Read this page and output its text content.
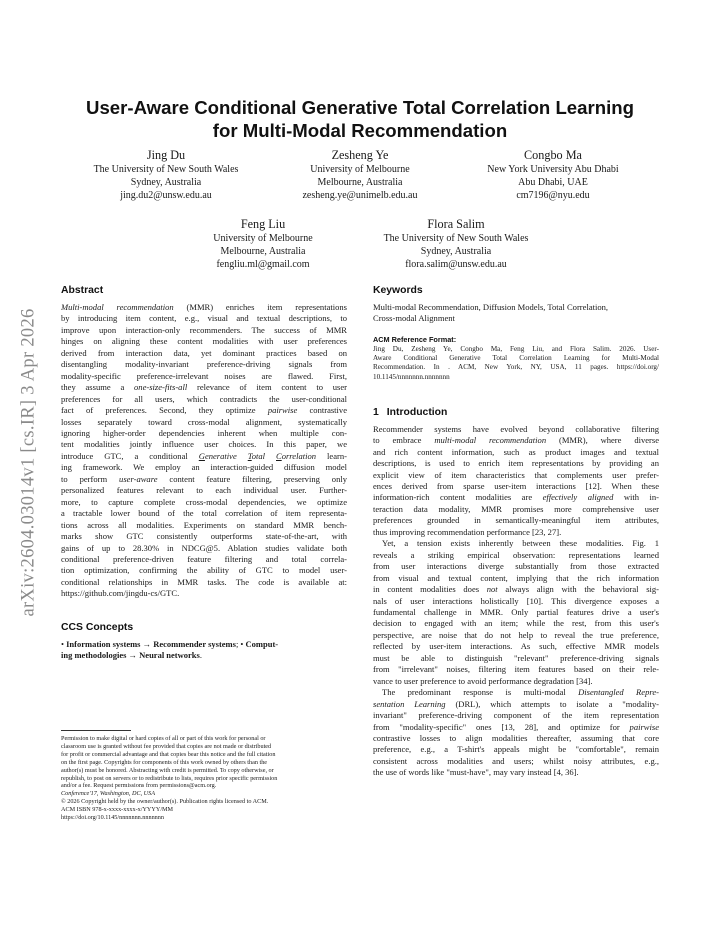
arXiv:2604.03014v1 [cs.IR] 3 Apr 2026
User-Aware Conditional Generative Total Correlation Learning
for Multi-Modal Recommendation
Jing Du
The University of New South Wales
Sydney, Australia
jing.du2@unsw.edu.au
Zesheng Ye
University of Melbourne
Melbourne, Australia
zesheng.ye@unimelb.edu.au
Congbo Ma
New York University Abu Dhabi
Abu Dhabi, UAE
cm7196@nyu.edu
Feng Liu
University of Melbourne
Melbourne, Australia
fengliu.ml@gmail.com
Flora Salim
The University of New South Wales
Sydney, Australia
flora.salim@unsw.edu.au
Abstract
Multi-modal recommendation (MMR) enriches item representations
by introducing item content, e.g., visual and textual descriptions, to
improve upon interaction-only recommenders. The success of MMR
hinges on aligning these content modalities with user preferences
derived from interaction data, yet dominant practices based on
disentangling modality-invariant preference-driving signals from
modality-specific preference-irrelevant noises are flawed. First,
they assume a one-size-fits-all relevance of item content to user
preferences for all users, which contradicts the user-conditional
fact of preferences. Second, they optimize pairwise contrastive
losses separately toward cross-modal alignment, systematically
ignoring higher-order dependencies inherent when multiple con-
tent modalities jointly influence user choices. In this paper, we
introduce GTC, a conditional Generative Total Correlation learn-
ing framework. We employ an interaction-guided diffusion model
to perform user-aware content feature filtering, preserving only
personalized features relevant to each individual user. Further-
more, to capture complete cross-modal dependencies, we optimize
a tractable lower bound of the total correlation of item representa-
tions across all modalities. Experiments on standard MMR bench-
marks show GTC consistently outperforms state-of-the-art, with
gains of up to 28.30% in NDCG@5. Ablation studies validate both
conditional preference-driven feature filtering and total correla-
tion optimization, confirming the ability of GTC to model user-
conditional relationships in MMR tasks. The code is available at:
https://github.com/jingdu-cs/GTC.
CCS Concepts
• Information systems → Recommender systems; • Comput-
ing methodologies → Neural networks.
Permission to make digital or hard copies of all or part of this work for personal or
classroom use is granted without fee provided that copies are not made or distributed
for profit or commercial advantage and that copies bear this notice and the full citation
on the first page. Copyrights for components of this work owned by others than the
author(s) must be honored. Abstracting with credit is permitted. To copy otherwise, or
republish, to post on servers or to redistribute to lists, requires prior specific permission
and/or a fee. Request permissions from permissions@acm.org.
Conference'17, Washington, DC, USA
© 2026 Copyright held by the owner/author(s). Publication rights licensed to ACM.
ACM ISBN 978-x-xxxx-xxxx-x/YYYY/MM
https://doi.org/10.1145/nnnnnnn.nnnnnnn
Keywords
Multi-modal Recommendation, Diffusion Models, Total Correlation,
Cross-modal Alignment
ACM Reference Format:
Jing Du, Zesheng Ye, Congbo Ma, Feng Liu, and Flora Salim. 2026. User-
Aware Conditional Generative Total Correlation Learning for Multi-Modal
Recommendation. In . ACM, New York, NY, USA, 11 pages. https://doi.org/
10.1145/nnnnnnn.nnnnnnn
1 Introduction
Recommender systems have evolved beyond collaborative filtering
to embrace multi-modal recommendation (MMR), where diverse
and rich content information, such as product images and textual
descriptions, is used to enrich item representations by providing an
explicit view of item characteristics that complements user prefer-
ences derived from sparse user-item interactions [12]. When these
information-rich content modalities are effectively aligned with in-
teraction data modality, MMR promises more comprehensive user
preferences grounded in semantically-meaningful item attributes,
thus improving recommendation performance [23, 27].
Yet, a tension exists inherently between these modalities. Fig. 1
reveals a striking empirical observation: representations learned
from user interactions diverge substantially from those extracted
from visual and textual content, implying that the rich information
in content modalities does not always align with the behavioral sig-
nals of user interactions holistically [10]. This divergence exposes a
fundamental challenge in MMR. Only partial features drive a user's
decision to engaged with an item; while the rest, from this user's
perspective, are noise that do not help to reveal the true preference,
reflected by user-item interactions. As such, effective MMR models
must be able to distinguish "relevant" preference-driving signals
from "irrelevant" noises, filtering item features based on their rele-
vance to user preference to avoid performance degradation [34].
The predominant response is multi-modal Disentangled Repre-
sentation Learning (DRL), which attempts to isolate a "modality-
invariant" preference-driving component of the item representation
from "modality-specific" ones [13, 28], and optimize for pairwise
contrastive losses to align modalities thereafter, assuming that core
preference, e.g., a T-shirt's appeals might be "comfortable", remain
consistent across modalities and users; whilst noisy attributes, e.g.,
the use of words like "must-have", may vary instead [4, 36].
